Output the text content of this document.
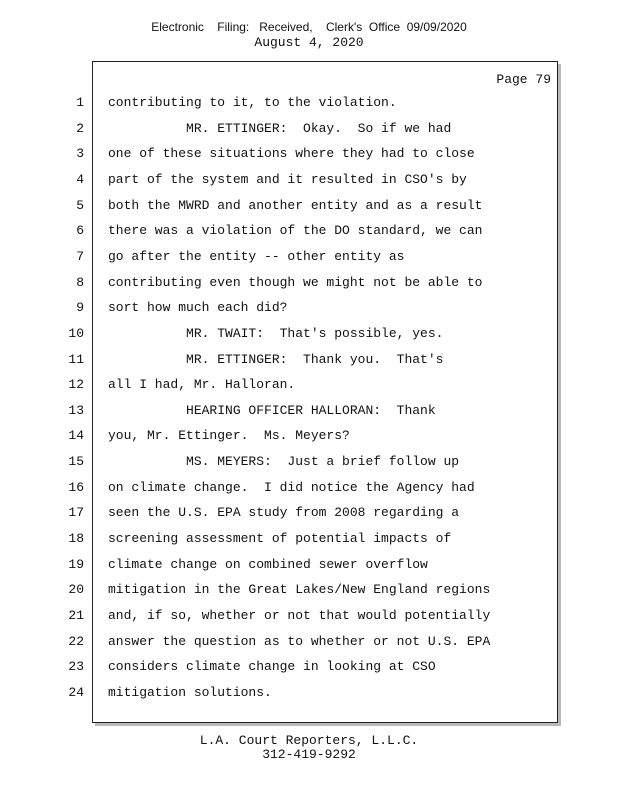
Electronic    Filing:   Received,    Clerk's  Office  09/09/2020
August 4, 2020
Page 79
1 contributing to it, to the violation.
2 MR. ETTINGER:  Okay.  So if we had
3 one of these situations where they had to close
4 part of the system and it resulted in CSO's by
5 both the MWRD and another entity and as a result
6 there was a violation of the DO standard, we can
7 go after the entity -- other entity as
8 contributing even though we might not be able to
9 sort how much each did?
10 MR. TWAIT:  That's possible, yes.
11 MR. ETTINGER:  Thank you.  That's
12 all I had, Mr. Halloran.
13 HEARING OFFICER HALLORAN:  Thank
14 you, Mr. Ettinger.  Ms. Meyers?
15 MS. MEYERS:  Just a brief follow up
16 on climate change.  I did notice the Agency had
17 seen the U.S. EPA study from 2008 regarding a
18 screening assessment of potential impacts of
19 climate change on combined sewer overflow
20 mitigation in the Great Lakes/New England regions
21 and, if so, whether or not that would potentially
22 answer the question as to whether or not U.S. EPA
23 considers climate change in looking at CSO
24 mitigation solutions.
L.A. Court Reporters, L.L.C.
312-419-9292
